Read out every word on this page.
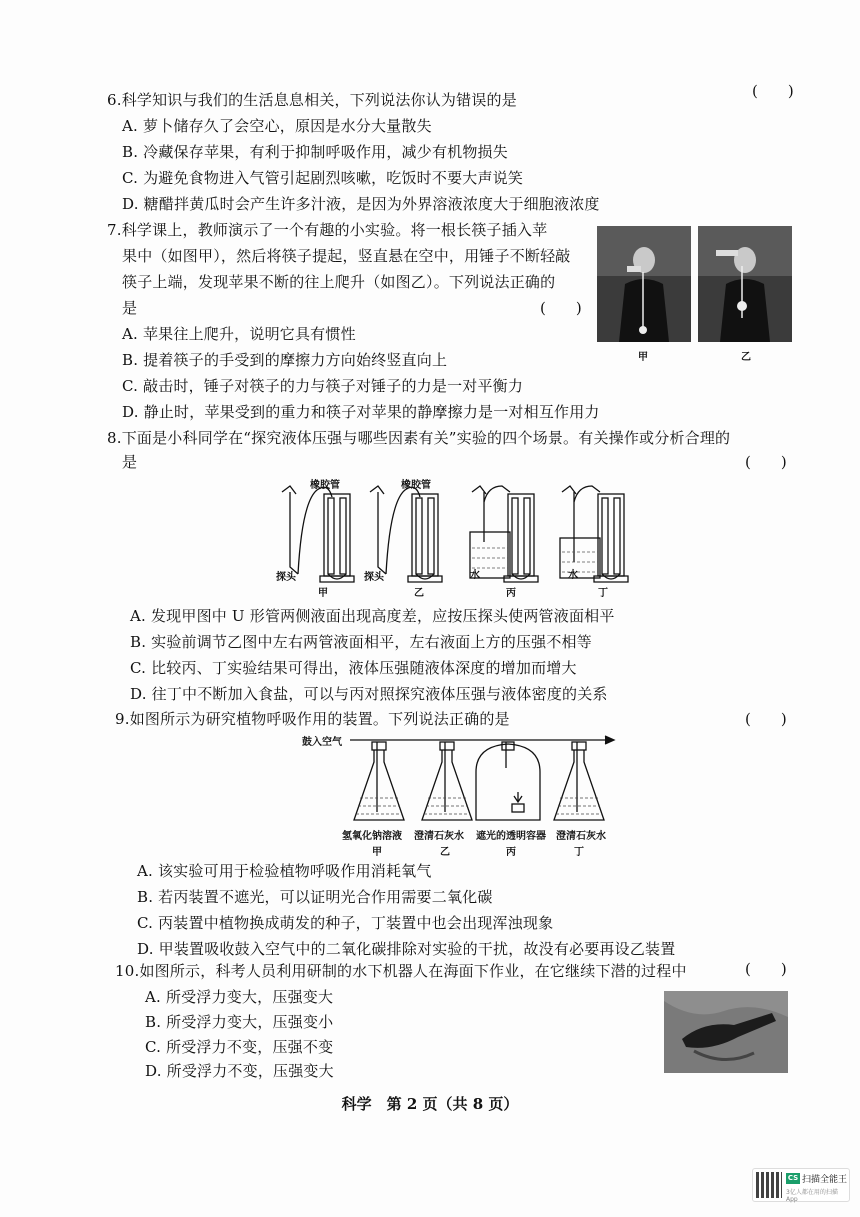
6.科学知识与我们的生活息息相关，下列说法你认为错误的是	(　　)
A. 萝卜储存久了会空心，原因是水分大量散失
B. 冷藏保存苹果，有利于抑制呼吸作用，减少有机物损失
C. 为避免食物进入气管引起剧烈咳嗽，吃饭时不要大声说笑
D. 糖醋拌黄瓜时会产生许多汁液，是因为外界溶液浓度大于细胞液浓度
7.科学课上，教师演示了一个有趣的小实验。将一根长筷子插入苹
果中（如图甲），然后将筷子提起，竖直悬在空中，用锤子不断轻敲
筷子上端，发现苹果不断的往上爬升（如图乙）。下列说法正确的
是	(　　)
A. 苹果往上爬升，说明它具有惯性
B. 提着筷子的手受到的摩擦力方向始终竖直向上
C. 敲击时，锤子对筷子的力与筷子对锤子的力是一对平衡力
D. 静止时，苹果受到的重力和筷子对苹果的静摩擦力是一对相互作用力
甲	乙
8.下面是小科同学在“探究液体压强与哪些因素有关”实验的四个场景。有关操作或分析合理的
是	(　　)
橡胶管	橡胶管
探头	探头	水	水
甲	乙	丙	丁
A. 发现甲图中 U 形管两侧液面出现高度差，应按压探头使两管液面相平
B. 实验前调节乙图中左右两管液面相平，左右液面上方的压强不相等
C. 比较丙、丁实验结果可得出，液体压强随液体深度的增加而增大
D. 往丁中不断加入食盐，可以与丙对照探究液体压强与液体密度的关系
9.如图所示为研究植物呼吸作用的装置。下列说法正确的是	(　　)
鼓入空气
氢氧化钠溶液 澄清石灰水 遮光的透明容器 澄清石灰水
甲	乙	丙	丁
A. 该实验可用于检验植物呼吸作用消耗氧气
B. 若丙装置不遮光，可以证明光合作用需要二氧化碳
C. 丙装置中植物换成萌发的种子，丁装置中也会出现浑浊现象
D. 甲装置吸收鼓入空气中的二氧化碳排除对实验的干扰，故没有必要再设乙装置
10.如图所示，科考人员利用研制的水下机器人在海面下作业，在它继续下潜的过程中	(　　)
A. 所受浮力变大，压强变大
B. 所受浮力变大，压强变小
C. 所受浮力不变，压强不变
D. 所受浮力不变，压强变大
科学　第 2 页（共 8 页）
CS 扫描全能王
3亿人都在用的扫描App
